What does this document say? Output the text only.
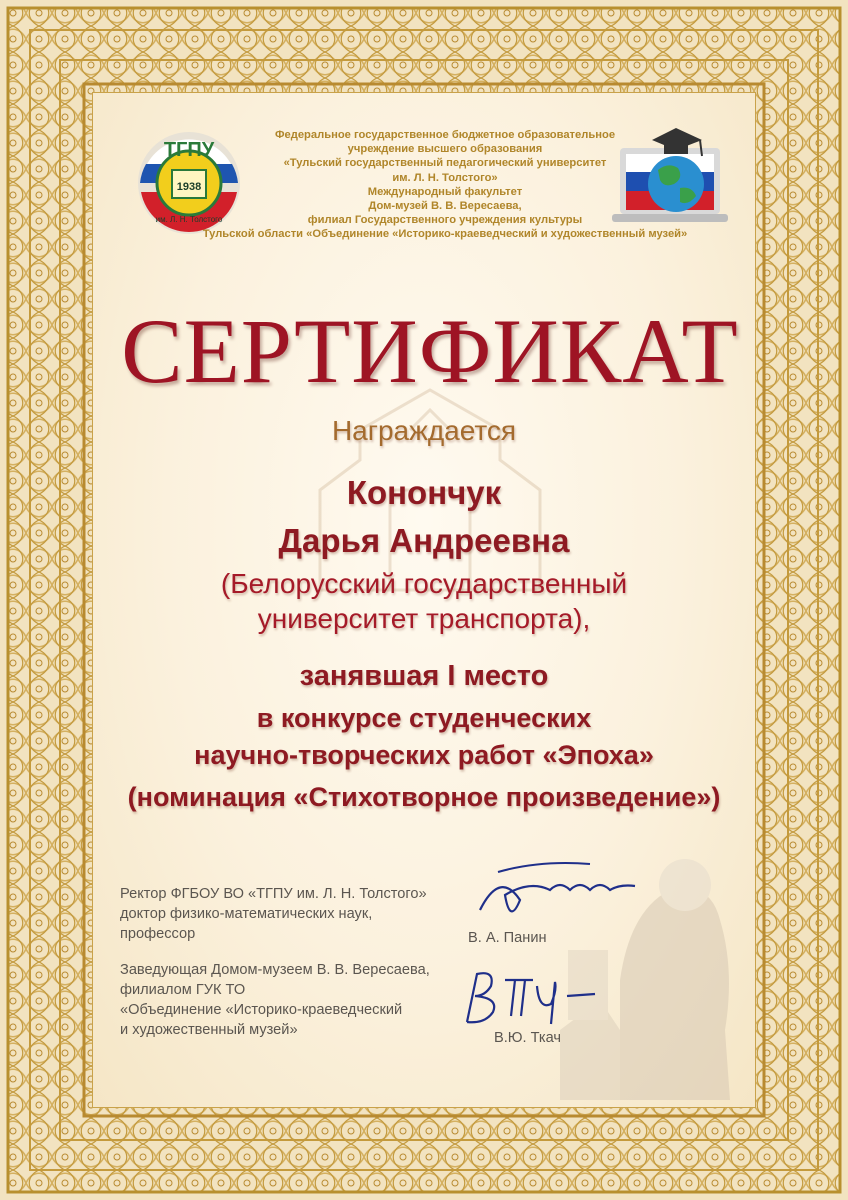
ТГПУ
1938
им. Л. Н. Толстого
Федеральное государственное бюджетное образовательное
учреждение высшего образования
«Тульский государственный педагогический университет
им. Л. Н. Толстого»
Международный факультет
Дом-музей В. В. Вересаева,
филиал Государственного учреждения культуры
Тульской области «Объединение «Историко-краеведческий и художественный музей»
СЕРТИФИКАТ
Награждается
Конончук
Дарья Андреевна
(Белорусский государственный
университет транспорта),
занявшая I место
в конкурсе студенческих
научно-творческих работ «Эпоха»
(номинация «Стихотворное произведение»)
Ректор ФГБОУ ВО «ТГПУ им. Л. Н. Толстого»
доктор физико-математических наук,
профессор	В. А. Панин
Заведующая Домом-музеем В. В. Вересаева,
филиалом ГУК ТО
«Объединение «Историко-краеведческий
и художественный музей»	В.Ю. Ткач
